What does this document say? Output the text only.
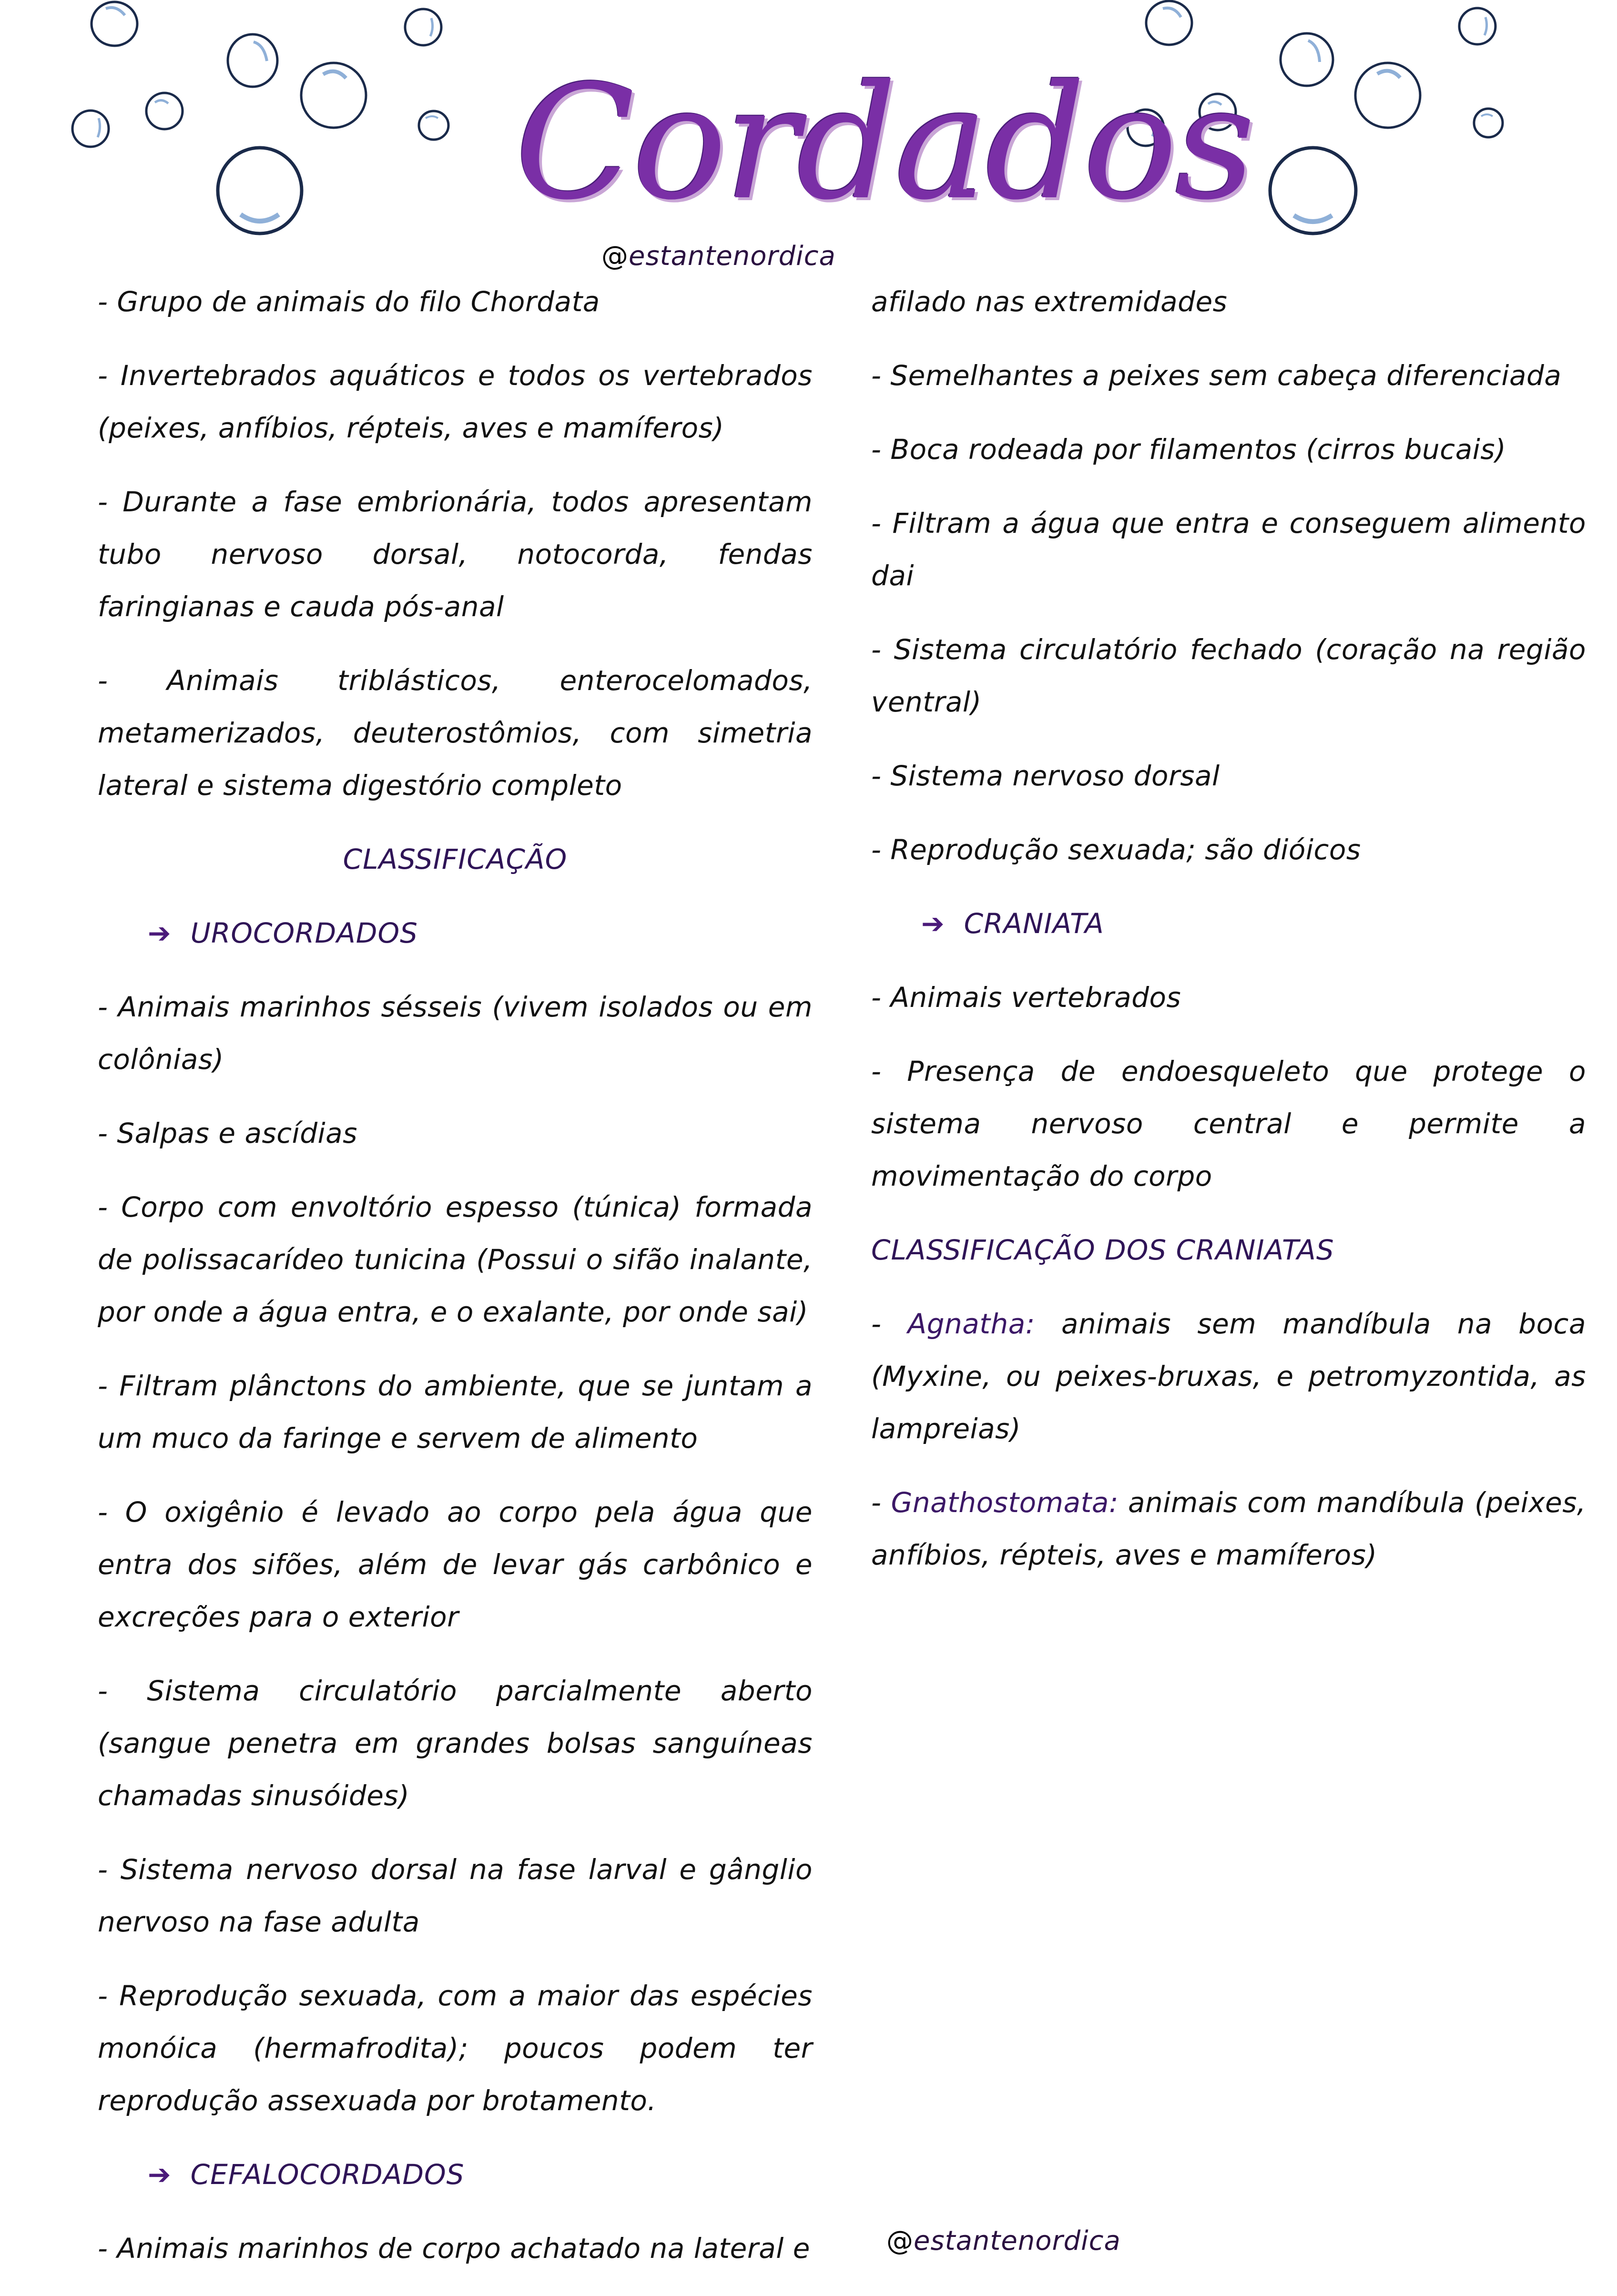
Cordados
@estantenordica

- Grupo de animais do filo Chordata

- Invertebrados aquáticos e todos os vertebrados (peixes, anfíbios, répteis, aves e mamíferos)

- Durante a fase embrionária, todos apresentam tubo nervoso dorsal, notocorda, fendas faringianas e cauda pós-anal

- Animais triblásticos, enterocelomados, metamerizados, deuterostômios, com simetria lateral e sistema digestório completo

CLASSIFICAÇÃO
➔ UROCORDADOS

- Animais marinhos sésseis (vivem isolados ou em colônias)

- Salpas e ascídias

- Corpo com envoltório espesso (túnica) formada de polissacarídeo tunicina (Possui o sifão inalante, por onde a água entra, e o exalante, por onde sai)

- Filtram plânctons do ambiente, que se juntam a um muco da faringe e servem de alimento

- O oxigênio é levado ao corpo pela água que entra dos sifões, além de levar gás carbônico e excreções para o exterior

- Sistema circulatório parcialmente aberto (sangue penetra em grandes bolsas sanguíneas chamadas sinusóides)

- Sistema nervoso dorsal na fase larval e gânglio nervoso na fase adulta

- Reprodução sexuada, com a maior das espécies monóica (hermafrodita); poucos podem ter reprodução assexuada por brotamento.

➔ CEFALOCORDADOS

- Animais marinhos de corpo achatado na lateral e

afilado nas extremidades

- Semelhantes a peixes sem cabeça diferenciada

- Boca rodeada por filamentos (cirros bucais)

- Filtram a água que entra e conseguem alimento dai

- Sistema circulatório fechado (coração na região ventral)

- Sistema nervoso dorsal

- Reprodução sexuada; são dióicos

➔ CRANIATA

- Animais vertebrados

- Presença de endoesqueleto que protege o sistema nervoso central e permite a movimentação do corpo

CLASSIFICAÇÃO DOS CRANIATAS

- Agnatha: animais sem mandíbula na boca (Myxine, ou peixes-bruxas, e petromyzontida, as lampreias)

- Gnathostomata: animais com mandíbula (peixes, anfíbios, répteis, aves e mamíferos)

@estantenordica
